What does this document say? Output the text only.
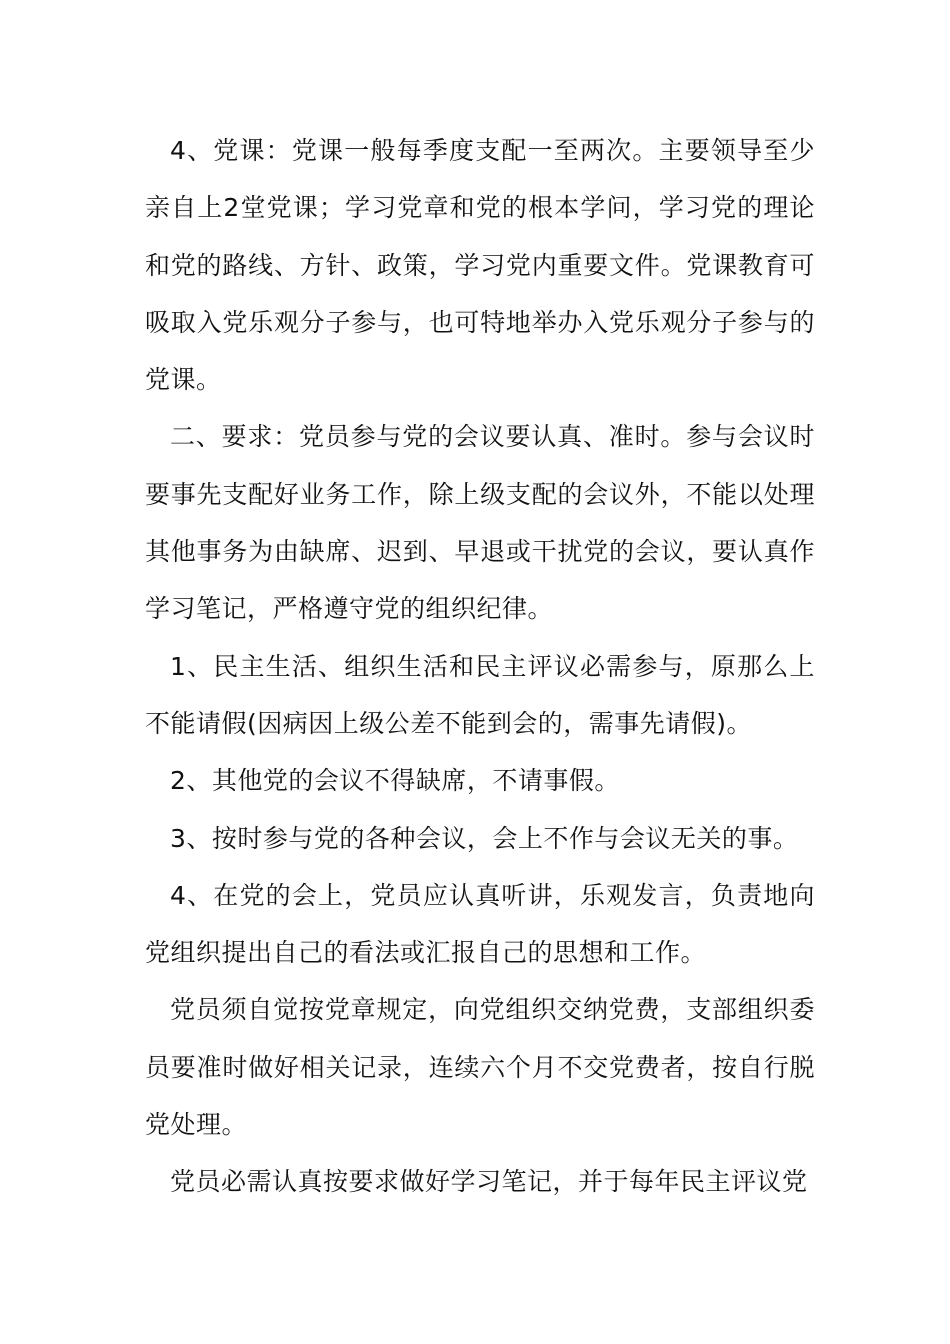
4、党课：党课一般每季度支配一至两次。主要领导至少亲自上2堂党课；学习党章和党的根本学问，学习党的理论和党的路线、方针、政策，学习党内重要文件。党课教育可吸取入党乐观分子参与，也可特地举办入党乐观分子参与的党课。

二、要求：党员参与党的会议要认真、准时。参与会议时要事先支配好业务工作，除上级支配的会议外，不能以处理其他事务为由缺席、迟到、早退或干扰党的会议，要认真作学习笔记，严格遵守党的组织纪律。

1、民主生活、组织生活和民主评议必需参与，原那么上不能请假(因病因上级公差不能到会的，需事先请假)。

2、其他党的会议不得缺席，不请事假。

3、按时参与党的各种会议，会上不作与会议无关的事。

4、在党的会上，党员应认真听讲，乐观发言，负责地向党组织提出自己的看法或汇报自己的思想和工作。

党员须自觉按党章规定，向党组织交纳党费，支部组织委员要准时做好相关记录，连续六个月不交党费者，按自行脱党处理。

党员必需认真按要求做好学习笔记，并于每年民主评议党
